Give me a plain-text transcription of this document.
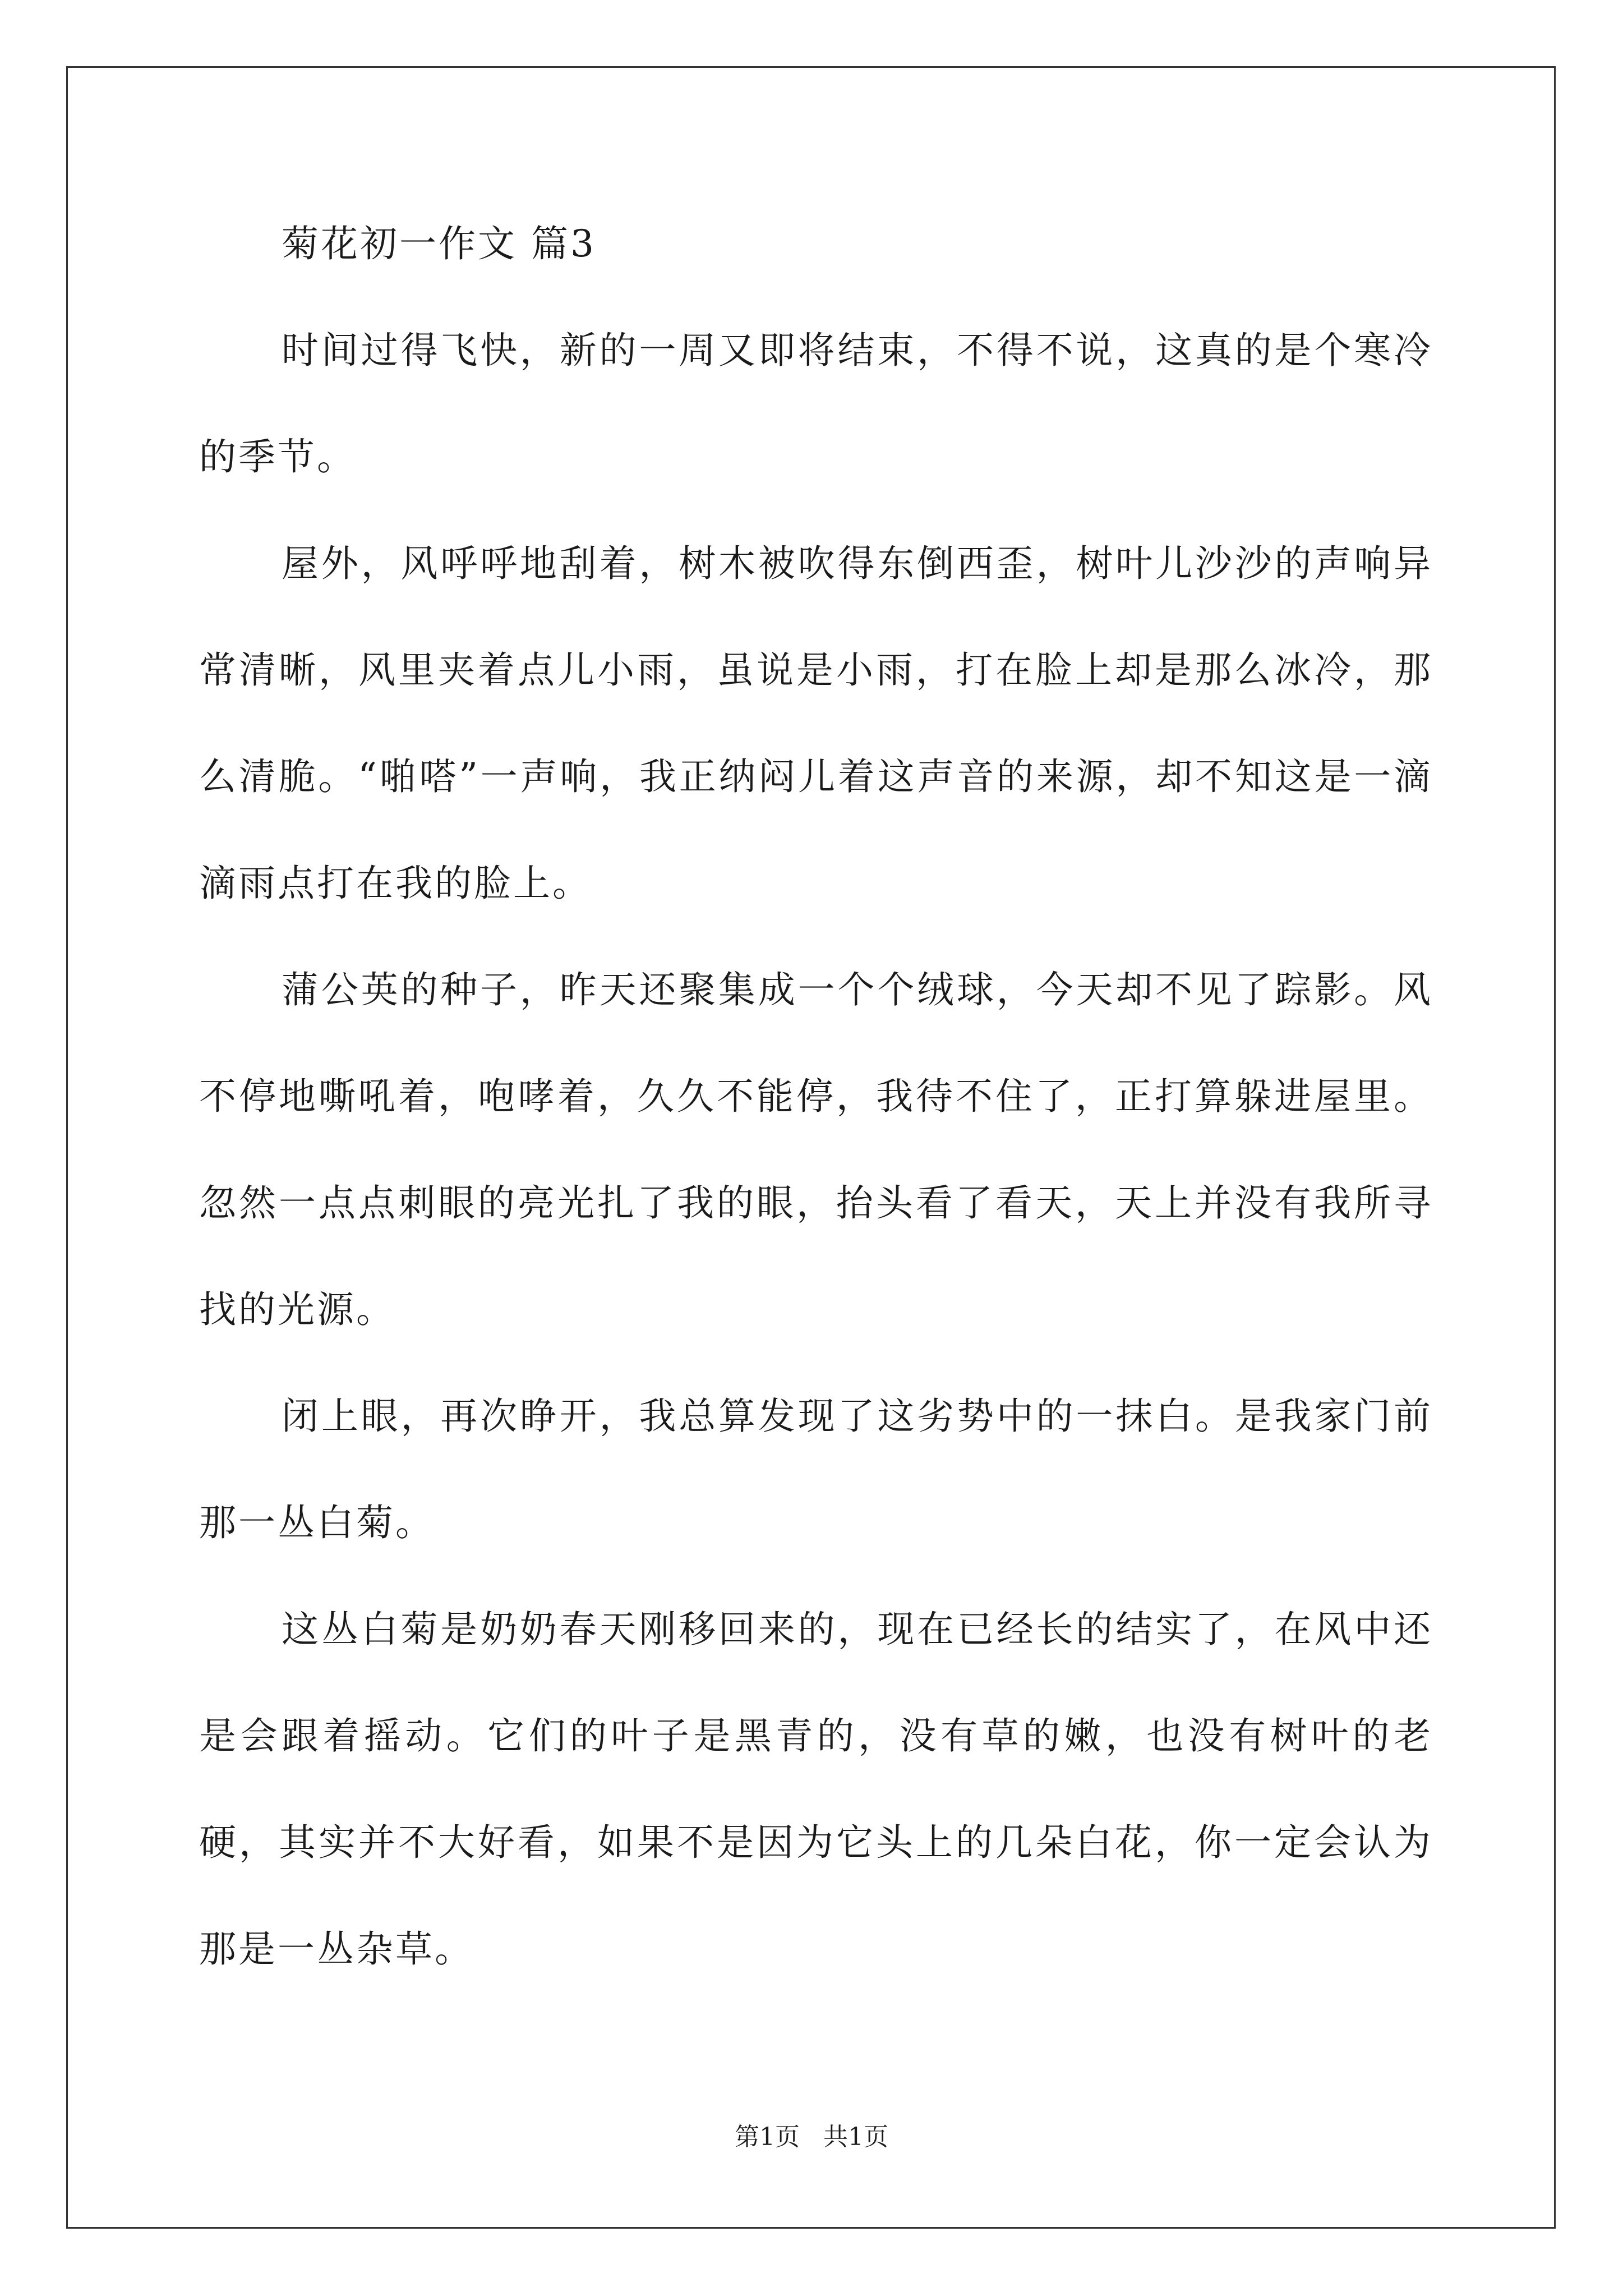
菊花初一作文 篇3

时间过得飞快，新的一周又即将结束，不得不说，这真的是个寒冷的季节。

屋外，风呼呼地刮着，树木被吹得东倒西歪，树叶儿沙沙的声响异常清晰，风里夹着点儿小雨，虽说是小雨，打在脸上却是那么冰冷，那么清脆。“啪嗒”一声响，我正纳闷儿着这声音的来源，却不知这是一滴滴雨点打在我的脸上。

蒲公英的种子，昨天还聚集成一个个绒球，今天却不见了踪影。风不停地嘶吼着，咆哮着，久久不能停，我待不住了，正打算躲进屋里。忽然一点点刺眼的亮光扎了我的眼，抬头看了看天，天上并没有我所寻找的光源。

闭上眼，再次睁开，我总算发现了这劣势中的一抹白。是我家门前那一丛白菊。

这丛白菊是奶奶春天刚移回来的，现在已经长的结实了，在风中还是会跟着摇动。它们的叶子是黑青的，没有草的嫩，也没有树叶的老硬，其实并不大好看，如果不是因为它头上的几朵白花，你一定会认为那是一丛杂草。

第1页   共1页
